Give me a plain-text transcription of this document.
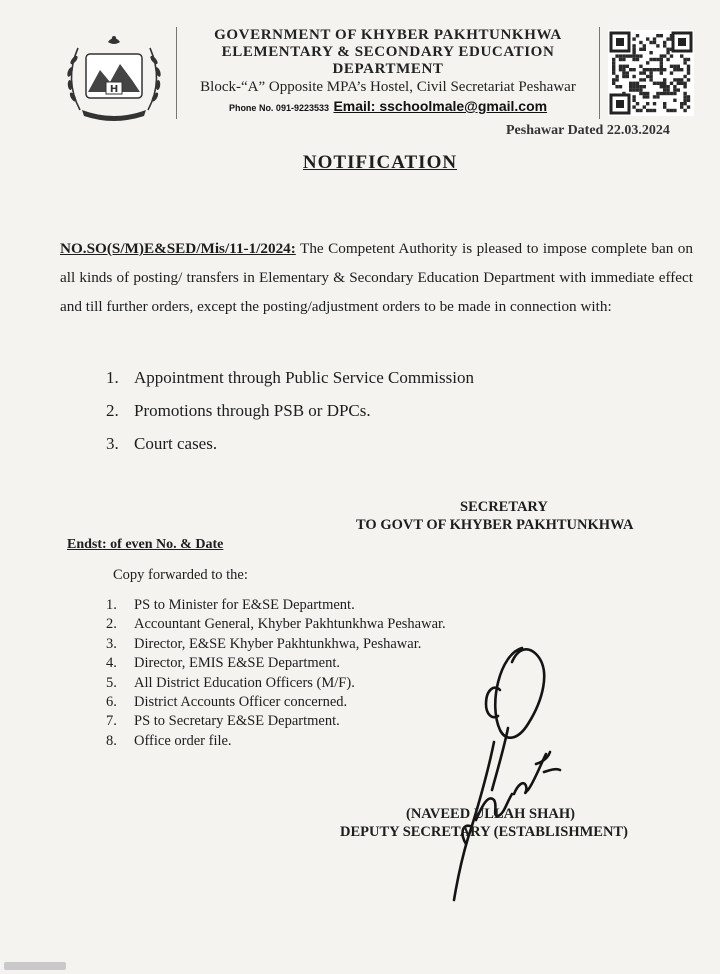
H
GOVERNMENT OF KHYBER PAKHTUNKHWA
ELEMENTARY & SECONDARY EDUCATION
DEPARTMENT
Block-“A” Opposite MPA’s Hostel, Civil Secretariat Peshawar
Phone No. 091-9223533 Email: sschoolmale@gmail.com
Peshawar Dated 22.03.2024
NOTIFICATION
NO.SO(S/M)E&SED/Mis/11-1/2024: The Competent Authority is pleased to impose complete ban on all kinds of posting/ transfers in Elementary & Secondary Education Department with immediate effect and till further orders, except the posting/adjustment orders to be made in connection with:
1. Appointment through Public Service Commission
2. Promotions through PSB or DPCs.
3. Court cases.
SECRETARY
TO GOVT OF KHYBER PAKHTUNKHWA
Endst: of even No. & Date
Copy forwarded to the:
1. PS to Minister for E&SE Department.
2. Accountant General, Khyber Pakhtunkhwa Peshawar.
3. Director, E&SE Khyber Pakhtunkhwa, Peshawar.
4. Director, EMIS E&SE Department.
5. All District Education Officers (M/F).
6. District Accounts Officer concerned.
7. PS to Secretary E&SE Department.
8. Office order file.
(NAVEED ULLAH SHAH)
DEPUTY SECRETARY (ESTABLISHMENT)
